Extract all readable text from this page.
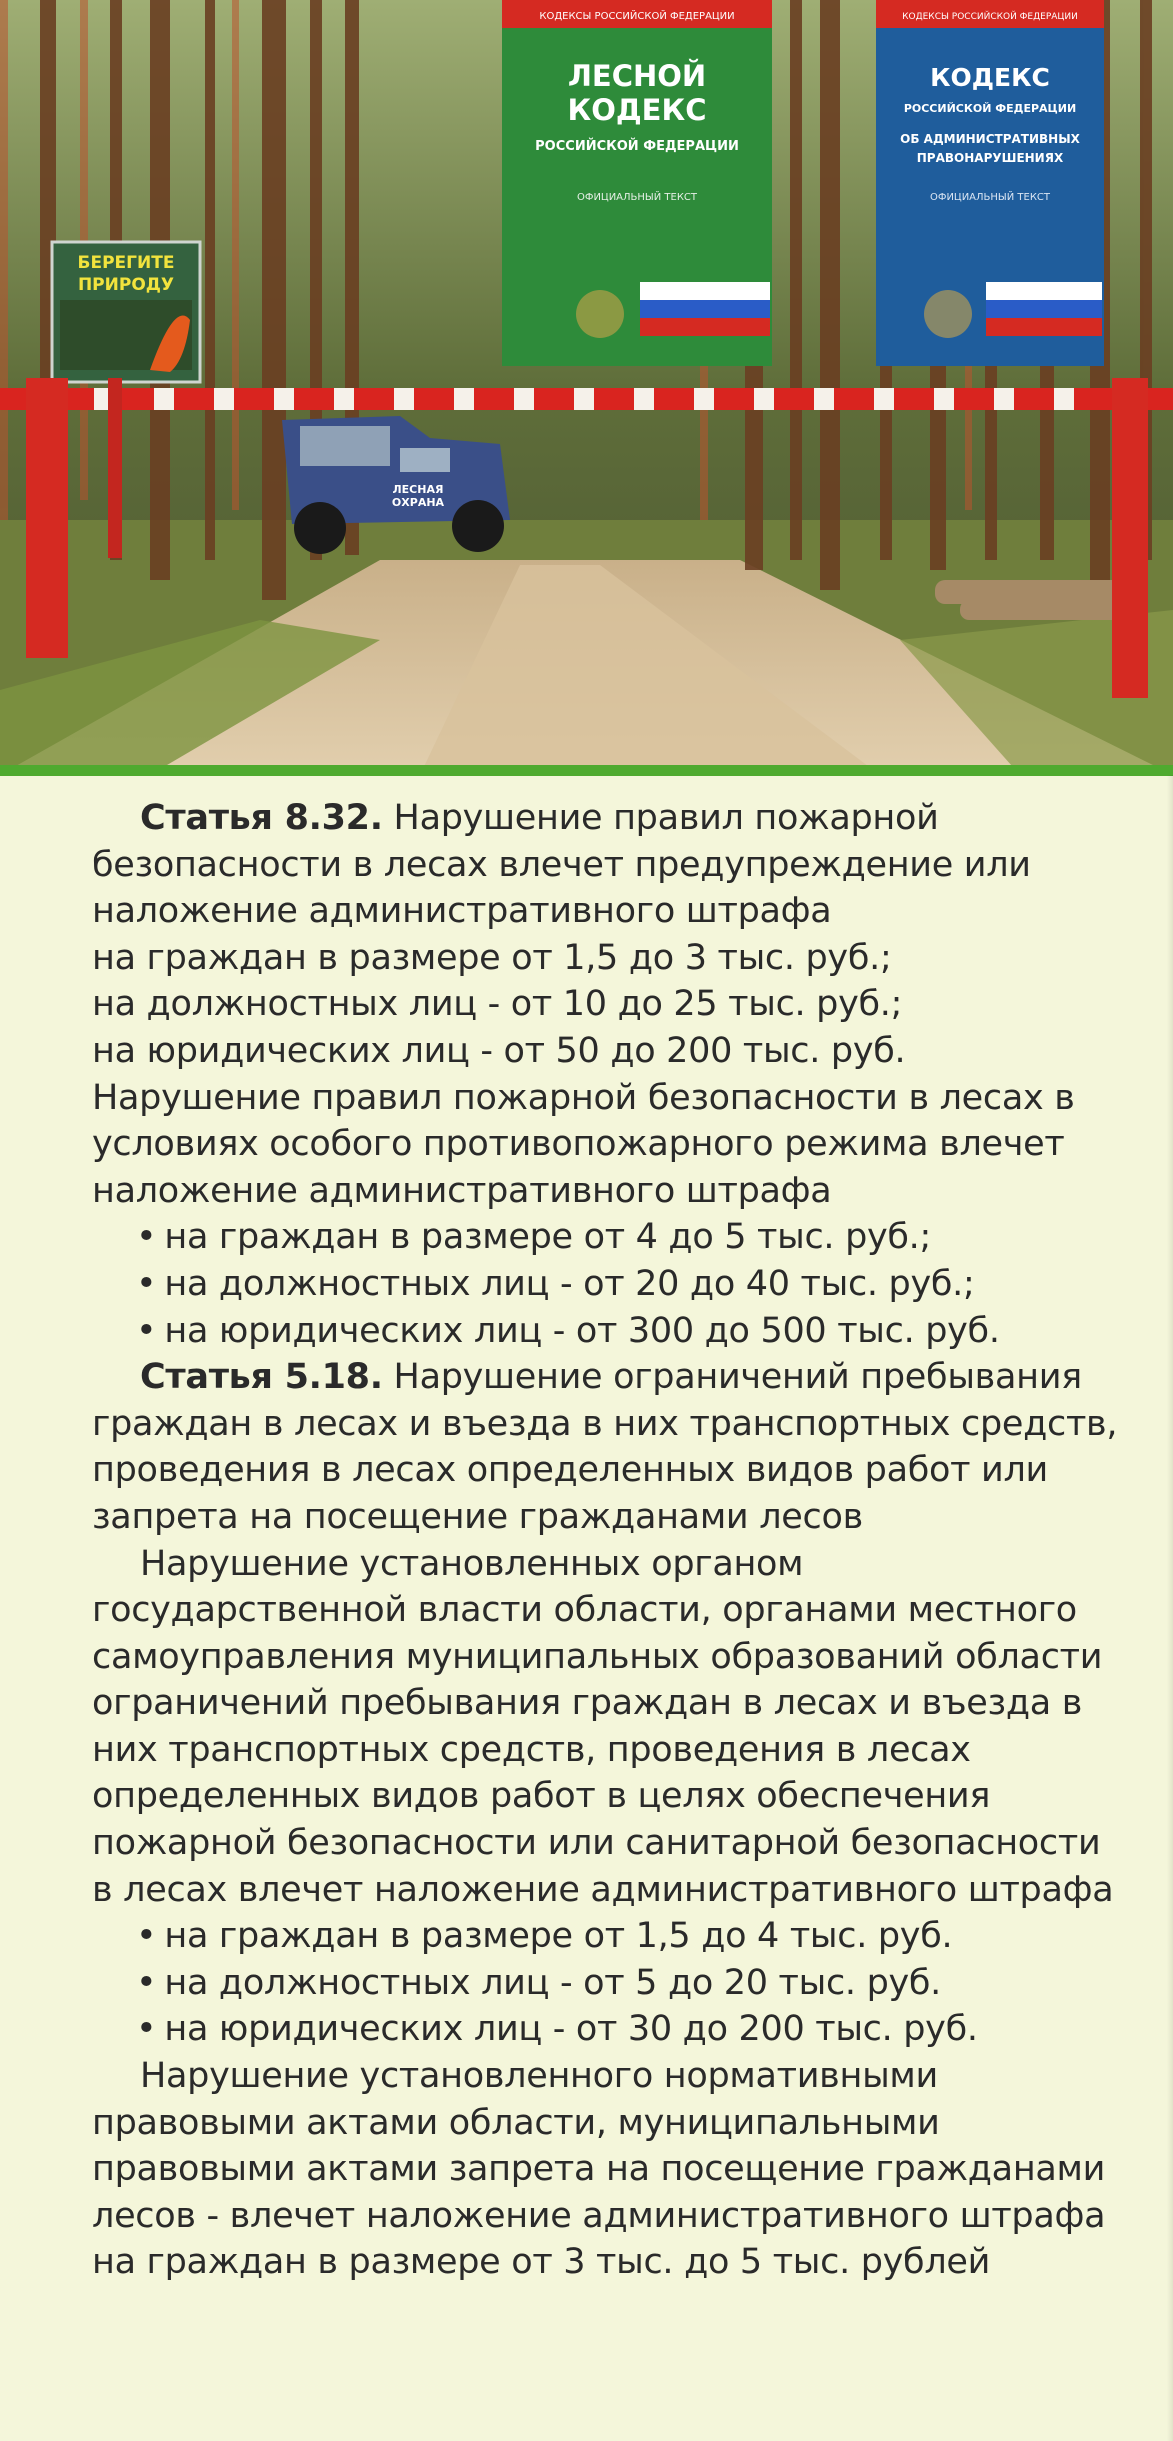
БЕРЕГИТЕ
ПРИРОДУ
ЛЕСНАЯ
ОХРАНА
КОДЕКСЫ РОССИЙСКОЙ ФЕДЕРАЦИИ
ЛЕСНОЙ
КОДЕКС
РОССИЙСКОЙ ФЕДЕРАЦИИ
ОФИЦИАЛЬНЫЙ ТЕКСТ
КОДЕКСЫ РОССИЙСКОЙ ФЕДЕРАЦИИ
КОДЕКС
РОССИЙСКОЙ ФЕДЕРАЦИИ
ОБ АДМИНИСТРАТИВНЫХ
ПРАВОНАРУШЕНИЯХ
ОФИЦИАЛЬНЫЙ ТЕКСТ

Статья 8.32. Нарушение правил пожарной

безопасности в лесах влечет предупреждение или

наложение административного штрафа

на граждан в размере от 1,5 до 3 тыс. руб.;

на должностных лиц - от 10 до 25 тыс. руб.;

на юридических лиц - от 50 до 200 тыс. руб.

Нарушение правил пожарной безопасности в лесах в

условиях особого противопожарного режима влечет

наложение административного штрафа

• на граждан в размере от 4 до 5 тыс. руб.;

• на должностных лиц - от 20 до 40 тыс. руб.;

• на юридических лиц - от 300 до 500 тыс. руб.

Статья 5.18. Нарушение ограничений пребывания

граждан в лесах и въезда в них транспортных средств,

проведения в лесах определенных видов работ или

запрета на посещение гражданами лесов

Нарушение установленных органом

государственной власти области, органами местного

самоуправления муниципальных образований области

ограничений пребывания граждан в лесах и въезда в

них транспортных средств, проведения в лесах

определенных видов работ в целях обеспечения

пожарной безопасности или санитарной безопасности

в лесах влечет наложение административного штрафа

• на граждан в размере от 1,5 до 4 тыс. руб.

• на должностных лиц - от 5 до 20 тыс. руб.

• на юридических лиц - от 30 до 200 тыс. руб.

Нарушение установленного нормативными

правовыми актами области, муниципальными

правовыми актами запрета на посещение гражданами

лесов - влечет наложение административного штрафа

на граждан в размере от 3 тыс. до 5 тыс. рублей
